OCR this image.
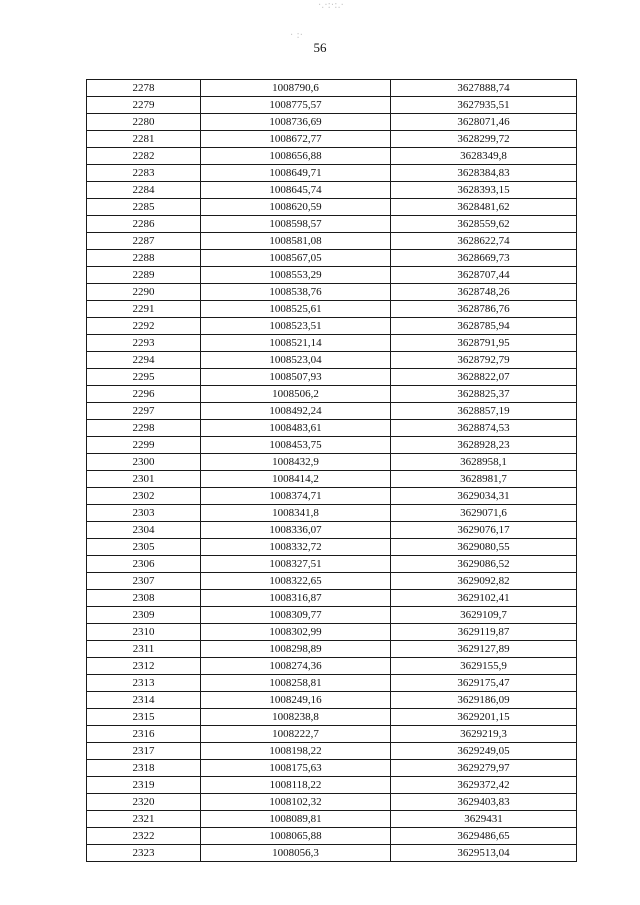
·.·:·:.·
· :·
56
2278	1008790,6	3627888,74
2279	1008775,57	3627935,51
2280	1008736,69	3628071,46
2281	1008672,77	3628299,72
2282	1008656,88	3628349,8
2283	1008649,71	3628384,83
2284	1008645,74	3628393,15
2285	1008620,59	3628481,62
2286	1008598,57	3628559,62
2287	1008581,08	3628622,74
2288	1008567,05	3628669,73
2289	1008553,29	3628707,44
2290	1008538,76	3628748,26
2291	1008525,61	3628786,76
2292	1008523,51	3628785,94
2293	1008521,14	3628791,95
2294	1008523,04	3628792,79
2295	1008507,93	3628822,07
2296	1008506,2	3628825,37
2297	1008492,24	3628857,19
2298	1008483,61	3628874,53
2299	1008453,75	3628928,23
2300	1008432,9	3628958,1
2301	1008414,2	3628981,7
2302	1008374,71	3629034,31
2303	1008341,8	3629071,6
2304	1008336,07	3629076,17
2305	1008332,72	3629080,55
2306	1008327,51	3629086,52
2307	1008322,65	3629092,82
2308	1008316,87	3629102,41
2309	1008309,77	3629109,7
2310	1008302,99	3629119,87
2311	1008298,89	3629127,89
2312	1008274,36	3629155,9
2313	1008258,81	3629175,47
2314	1008249,16	3629186,09
2315	1008238,8	3629201,15
2316	1008222,7	3629219,3
2317	1008198,22	3629249,05
2318	1008175,63	3629279,97
2319	1008118,22	3629372,42
2320	1008102,32	3629403,83
2321	1008089,81	3629431
2322	1008065,88	3629486,65
2323	1008056,3	3629513,04
